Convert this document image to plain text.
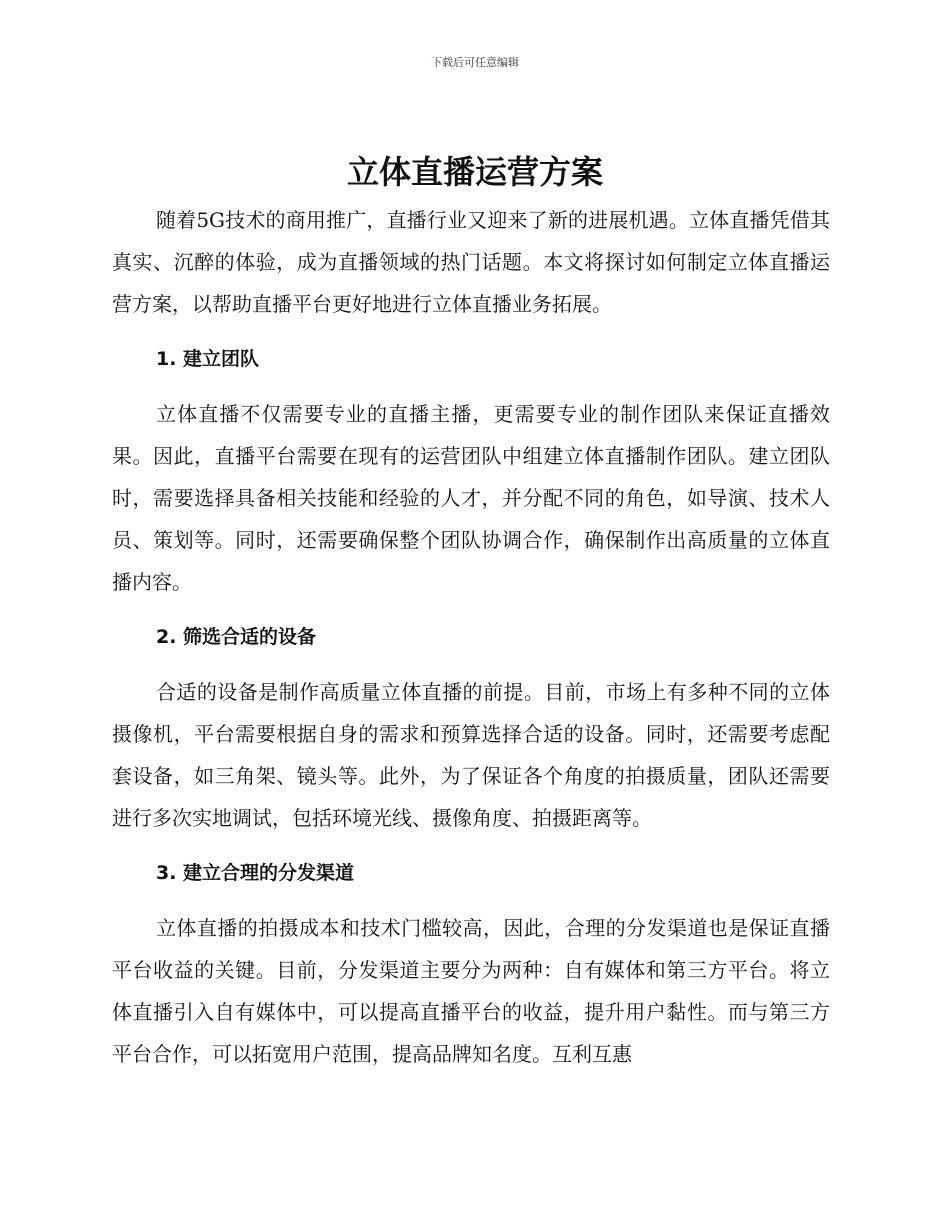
下载后可任意编辑
立体直播运营方案

随着5G技术的商用推广，直播行业又迎来了新的进展机遇。立体直播凭借其真实、沉醉的体验，成为直播领域的热门话题。本文将探讨如何制定立体直播运营方案，以帮助直播平台更好地进行立体直播业务拓展。

1. 建立团队

立体直播不仅需要专业的直播主播，更需要专业的制作团队来保证直播效果。因此，直播平台需要在现有的运营团队中组建立体直播制作团队。建立团队时，需要选择具备相关技能和经验的人才，并分配不同的角色，如导演、技术人员、策划等。同时，还需要确保整个团队协调合作，确保制作出高质量的立体直播内容。

2. 筛选合适的设备

合适的设备是制作高质量立体直播的前提。目前，市场上有多种不同的立体摄像机，平台需要根据自身的需求和预算选择合适的设备。同时，还需要考虑配套设备，如三角架、镜头等。此外，为了保证各个角度的拍摄质量，团队还需要进行多次实地调试，包括环境光线、摄像角度、拍摄距离等。

3. 建立合理的分发渠道

立体直播的拍摄成本和技术门槛较高，因此，合理的分发渠道也是保证直播平台收益的关键。目前，分发渠道主要分为两种：自有媒体和第三方平台。将立体直播引入自有媒体中，可以提高直播平台的收益，提升用户黏性。而与第三方平台合作，可以拓宽用户范围，提高品牌知名度。互利互惠
